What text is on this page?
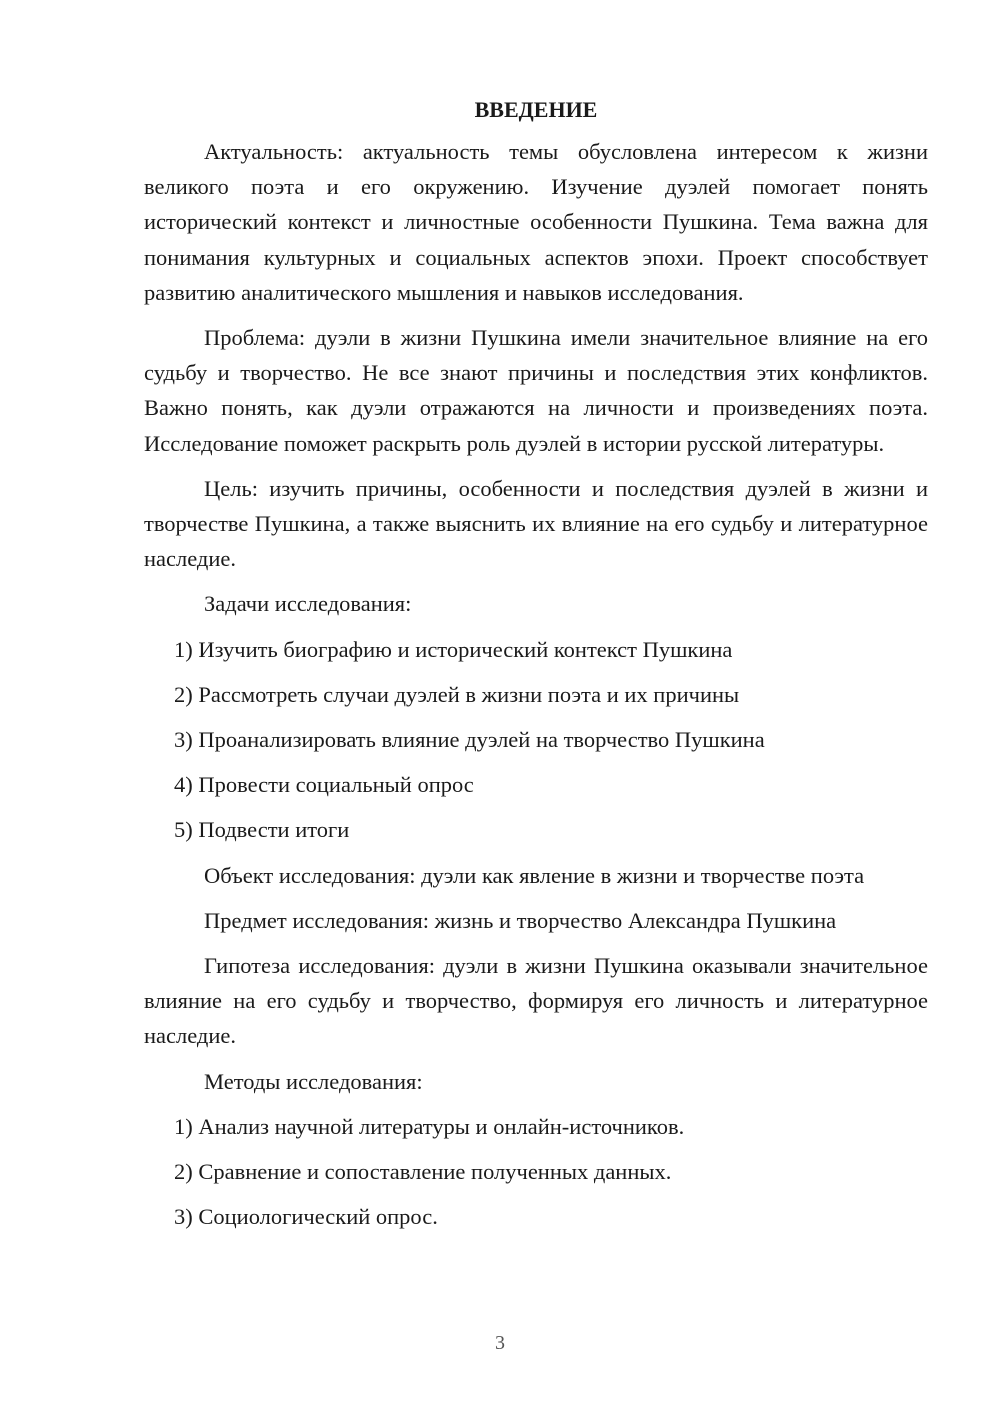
ВВЕДЕНИЕ

Актуальность: актуальность темы обусловлена интересом к жизни великого поэта и его окружению. Изучение дуэлей помогает понять исторический контекст и личностные особенности Пушкина. Тема важна для понимания культурных и социальных аспектов эпохи. Проект способствует развитию аналитического мышления и навыков исследования.

Проблема: дуэли в жизни Пушкина имели значительное влияние на его судьбу и творчество. Не все знают причины и последствия этих конфликтов. Важно понять, как дуэли отражаются на личности и произведениях поэта. Исследование поможет раскрыть роль дуэлей в истории русской литературы.

Цель: изучить причины, особенности и последствия дуэлей в жизни и творчестве Пушкина, а также выяснить их влияние на его судьбу и литературное наследие.

Задачи исследования:

1) Изучить биографию и исторический контекст Пушкина
2) Рассмотреть случаи дуэлей в жизни поэта и их причины
3) Проанализировать влияние дуэлей на творчество Пушкина
4) Провести социальный опрос
5) Подвести итоги

Объект исследования: дуэли как явление в жизни и творчестве поэта

Предмет исследования: жизнь и творчество Александра Пушкина

Гипотеза исследования: дуэли в жизни Пушкина оказывали значительное влияние на его судьбу и творчество, формируя его личность и литературное наследие.

Методы исследования:

1) Анализ научной литературы и онлайн-источников.
2) Сравнение и сопоставление полученных данных.
3) Социологический опрос.
3
